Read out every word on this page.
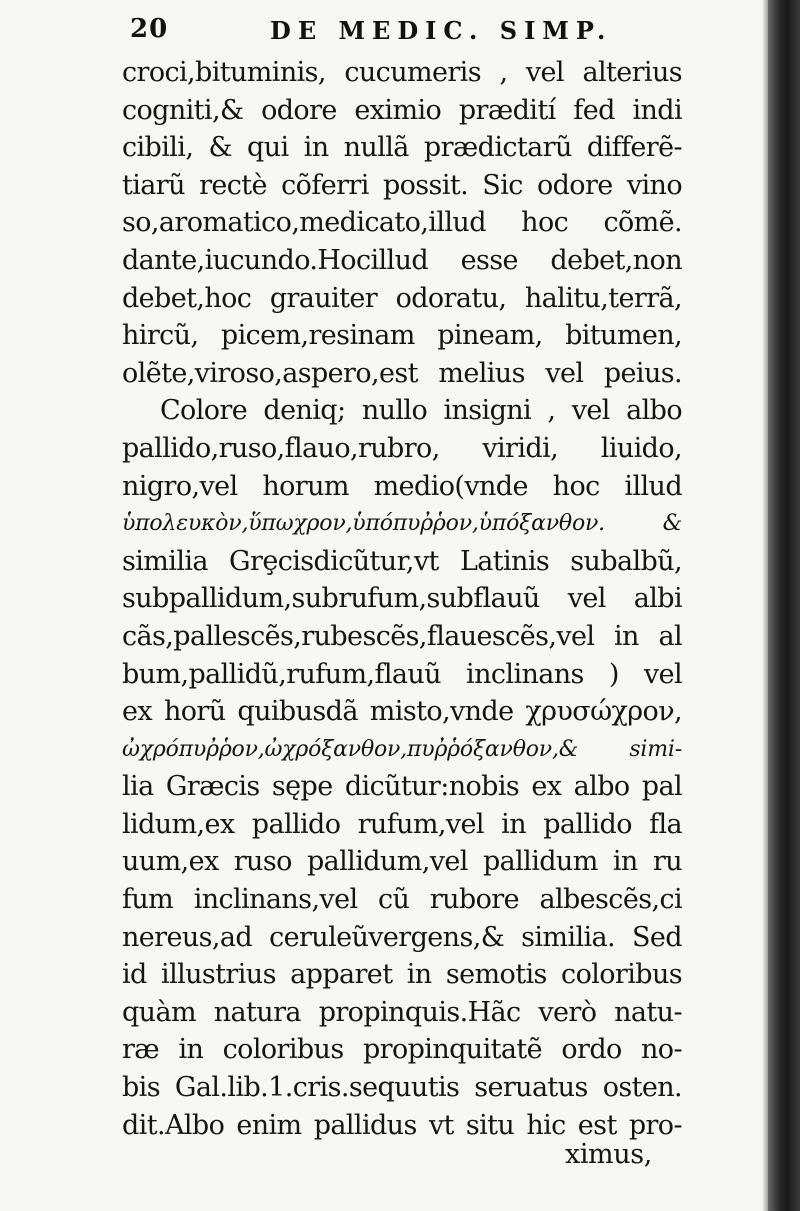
20	DE MEDIC. SIMP.
croci,bituminis, cucumeris , vel alterius
cogniti,& odore eximio prædití fed indi
cibili, & qui in nullã prædictarũ differẽ-
tiarũ rectè cõferri possit. Sic odore vino
so,aromatico,medicato,illud hoc cõmẽ.
dante,iucundo.Hocillud esse debet,non
debet,hoc grauiter odoratu, halitu,terrã,
hircũ, picem,resinam pineam, bitumen,
olẽte,viroso,aspero,est melius vel peius.
Colore deniq; nullo insigni , vel albo
pallido,ruso,flauo,rubro, viridi, liuido,
nigro,vel horum medio(vnde hoc illud
ὑπολευκὸν,ὕπωχρον,ὑπόπυῤῥον,ὑπόξανθον. &
similia Grȩcisdicũtur,vt Latinis subalbũ,
subpallidum,subrufum,subflauũ vel albi
cãs,pallescẽs,rubescẽs,flauescẽs,vel in al
bum,pallidũ,rufum,flauũ inclinans ) vel
ex horũ quibusdã misto,vnde χρυσώχρον,
ὠχρόπυῤῥον,ὠχρόξανθον,πυῤῥόξανθον,& simi-
lia Græcis sępe dicũtur:nobis ex albo pal
lidum,ex pallido rufum,vel in pallido fla
uum,ex ruso pallidum,vel pallidum in ru
fum inclinans,vel cũ rubore albescẽs,ci
nereus,ad ceruleũvergens,& similia. Sed
id illustrius apparet in semotis coloribus
quàm natura propinquis.Hãc verò natu-
ræ in coloribus propinquitatẽ ordo no-
bis Gal.lib.1.cris.sequutis seruatus osten.
dit.Albo enim pallidus vt situ hic est pro-
ximus,
